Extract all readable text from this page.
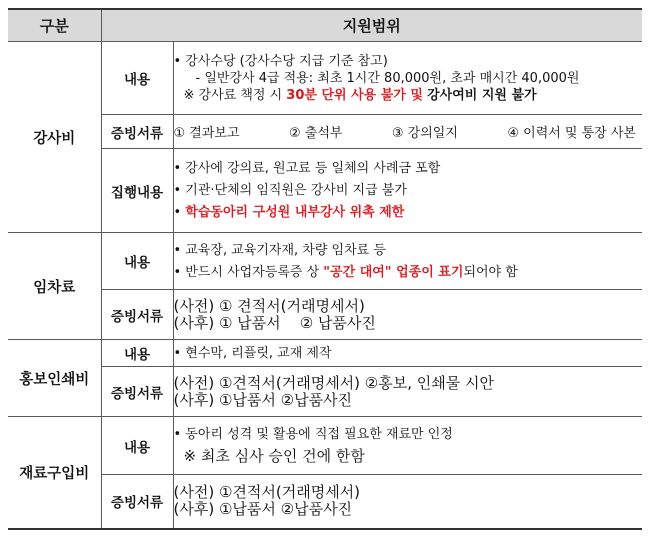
구분	지원범위	
강사비	내용	• 강사수당 (강사수당 지급 기준 참고)
- 일반강사 4급 적용: 최초 1시간 80,000원, 초과 매시간 40,000원
※ 강사료 책정 시 30분 단위 사용 불가 및 강사여비 지원 불가

	증빙서류	① 결과보고 ② 출석부 ③ 강의일지 ④ 이력서 및 통장 사본

	집행내용	• 강사에 강의료, 원고료 등 일체의 사례금 포함
• 기관·단체의 임직원은 강사비 지급 불가
• 학습동아리 구성원 내부강사 위촉 제한

임차료	내용	• 교육장, 교육기자재, 차량 임차료 등
• 반드시 사업자등록증 상 "공간 대여" 업종이 표기되어야 함

	증빙서류	(사전) ① 견적서(거래명세서)
(사후) ① 납품서    ② 납품사진

홍보인쇄비	내용	• 현수막, 리플릿, 교재 제작

	증빙서류	(사전) ①견적서(거래명세서) ②홍보, 인쇄물 시안
(사후) ①납품서 ②납품사진

재료구입비	내용	• 동아리 성격 및 활용에 직접 필요한 재료만 인정
※ 최초 심사 승인 건에 한함

	증빙서류	(사전) ①견적서(거래명세서)
(사후) ①납품서 ②납품사진
